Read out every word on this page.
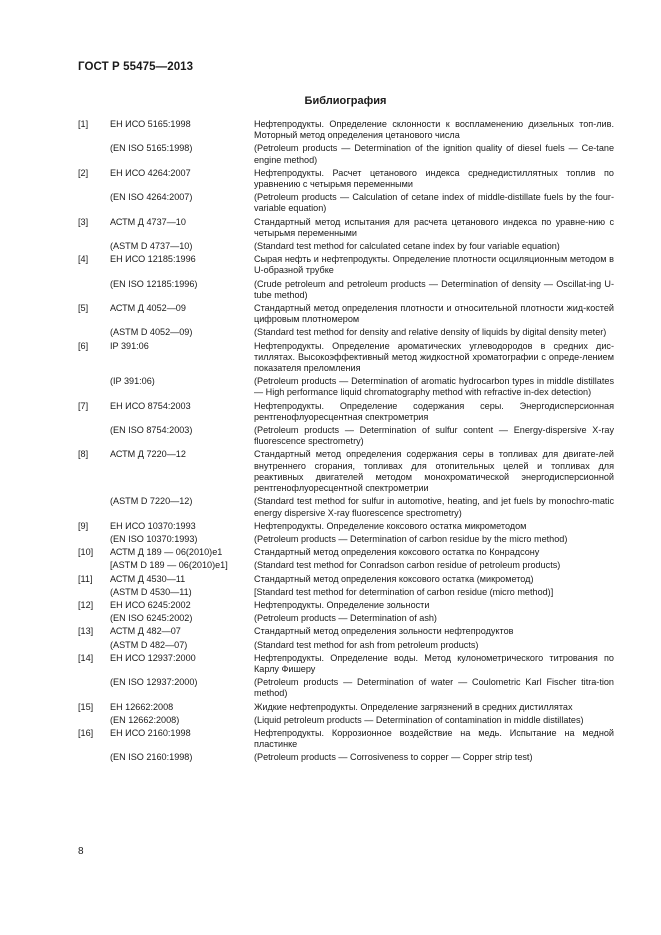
ГОСТ Р 55475—2013
Библиография
[1]	ЕН ИСО 5165:1998	Нефтепродукты. Определение склонности к воспламенению дизельных топ-лив. Моторный метод определения цетанового числа
(EN ISO 5165:1998)	(Petroleum products — Determination of the ignition quality of diesel fuels — Ce-tane engine method)
[2]	ЕН ИСО 4264:2007	Нефтепродукты. Расчет цетанового индекса среднедистиллятных топлив по уравнению с четырьмя переменными
(EN ISO 4264:2007)	(Petroleum products — Calculation of cetane index of middle-distillate fuels by the four-variable equation)
[3]	АСТМ Д 4737—10	Стандартный метод испытания для расчета цетанового индекса по уравне-нию с четырьмя переменными
(ASTM D 4737—10)	(Standard test method for calculated cetane index by four variable equation)
[4]	ЕН ИСО 12185:1996	Сырая нефть и нефтепродукты. Определение плотности осциляционным методом в U-образной трубке
(EN ISO 12185:1996)	(Crude petroleum and petroleum products — Determination of density — Oscillat-ing U-tube method)
[5]	АСТМ Д 4052—09	Стандартный метод определения плотности и относительной плотности жид-костей цифровым плотномером
(ASTM D 4052—09)	(Standard test method for density and relative density of liquids by digital density meter)
[6]	IP 391:06	Нефтепродукты. Определение ароматических углеводородов в средних дис-тиллятах. Высокоэффективный метод жидкостной хроматографии с опреде-лением показателя преломления
(IP 391:06)	(Petroleum products — Determination of aromatic hydrocarbon types in middle distillates — High performance liquid chromatography method with refractive in-dex detection)
[7]	ЕН ИСО 8754:2003	Нефтепродукты. Определение содержания серы. Энергодисперсионная рентгенофлуоресцентная спектрометрия
(EN ISO 8754:2003)	(Petroleum products — Determination of sulfur content — Energy-dispersive X-ray fluorescence spectrometry)
[8]	АСТМ Д 7220—12	Стандартный метод определения содержания серы в топливах для двигате-лей внутреннего сгорания, топливах для отопительных целей и топливах для реактивных двигателей методом монохроматической энергодисперсионной рентгенофлуоресцентной спектрометрии
(ASTM D 7220—12)	(Standard test method for sulfur in automotive, heating, and jet fuels by monochro-matic energy dispersive X-ray fluorescence spectrometry)
[9]	ЕН ИСО 10370:1993	Нефтепродукты. Определение коксового остатка микрометодом
(EN ISO 10370:1993)	(Petroleum products — Determination of carbon residue by the micro method)
[10]	АСТМ Д 189 — 06(2010)е1	Стандартный метод определения коксового остатка по Конрадсону
[ASTM D 189 — 06(2010)e1]	(Standard test method for Conradson carbon residue of petroleum products)
[11]	АСТМ Д 4530—11	Стандартный метод определения коксового остатка (микрометод)
(ASTM D 4530—11)	[Standard test method for determination of carbon residue (micro method)]
[12]	ЕН ИСО 6245:2002	Нефтепродукты. Определение зольности
(EN ISO 6245:2002)	(Petroleum products — Determination of ash)
[13]	АСТМ Д 482—07	Стандартный метод определения зольности нефтепродуктов
(ASTM D 482—07)	(Standard test method for ash from petroleum products)
[14]	ЕН ИСО 12937:2000	Нефтепродукты. Определение воды. Метод кулонометрического титрования по Карлу Фишеру
(EN ISO 12937:2000)	(Petroleum products — Determination of water — Coulometric Karl Fischer titra-tion method)
[15]	ЕН 12662:2008	Жидкие нефтепродукты. Определение загрязнений в средних дистиллятах
(EN 12662:2008)	(Liquid petroleum products — Determination of contamination in middle distillates)
[16]	ЕН ИСО 2160:1998	Нефтепродукты. Коррозионное воздействие на медь. Испытание на медной пластинке
(EN ISO 2160:1998)	(Petroleum products — Corrosiveness to copper — Copper strip test)
8
